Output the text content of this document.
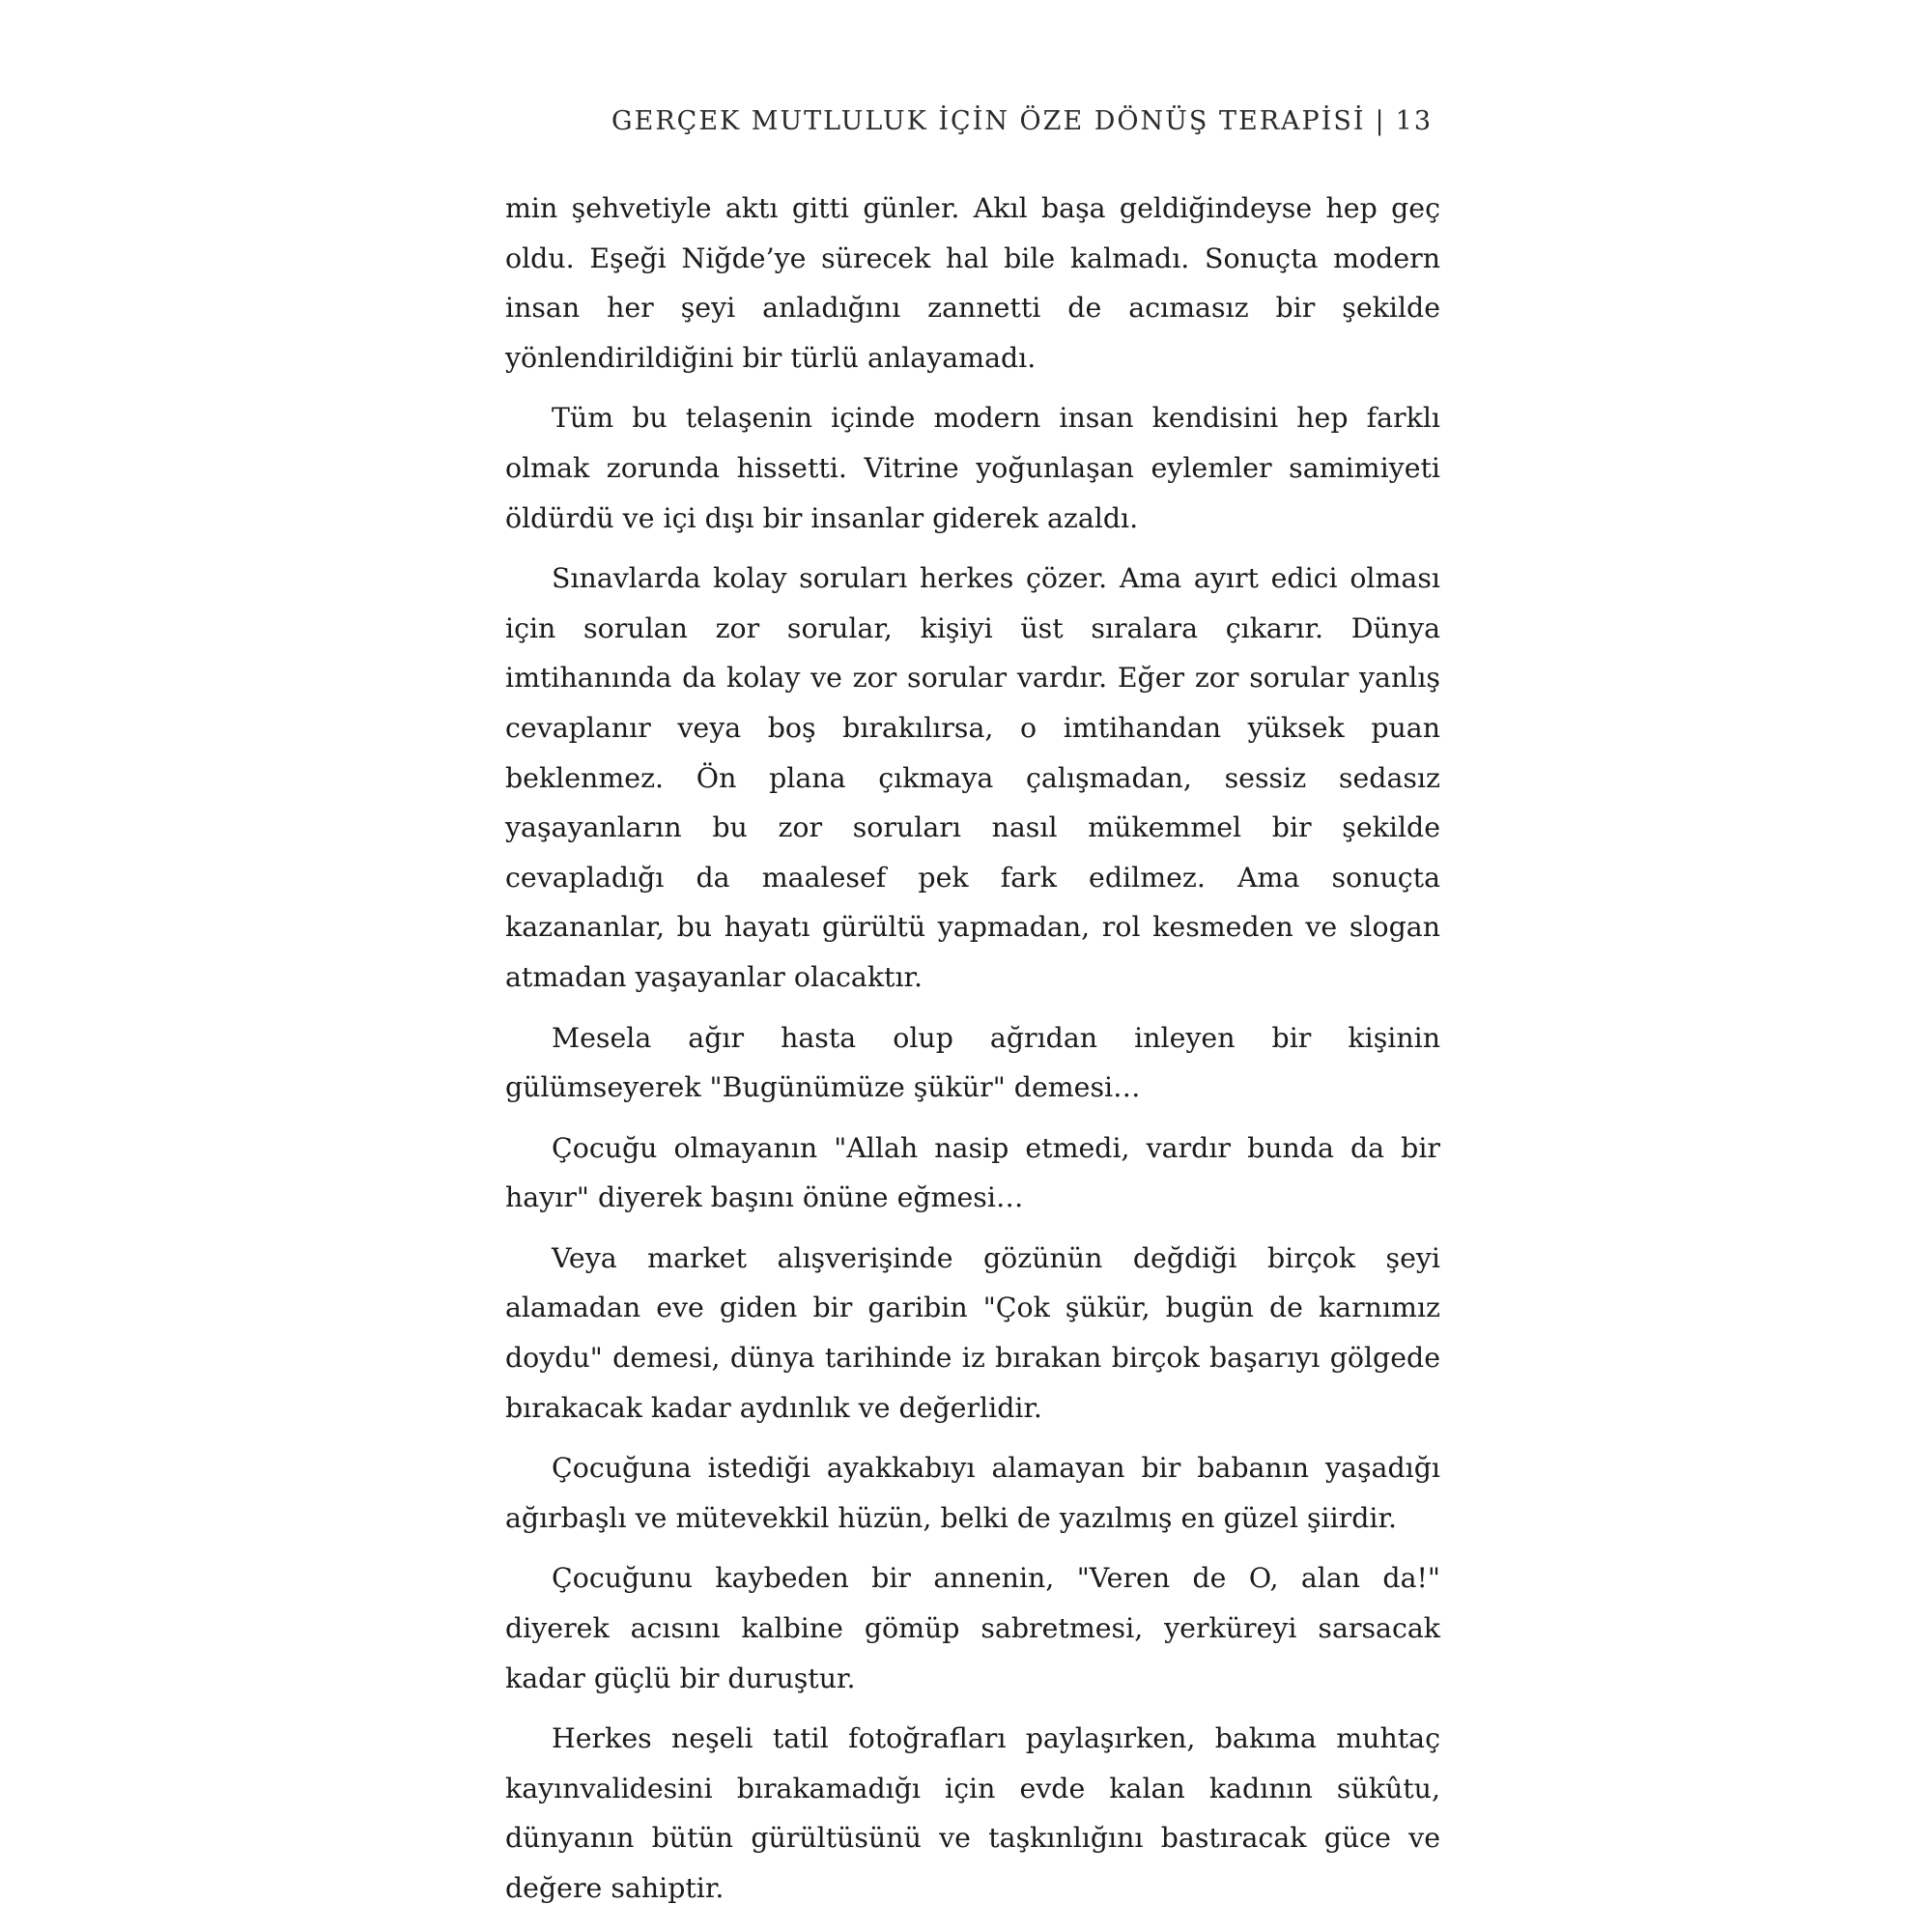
GERÇEK MUTLULUK İÇİN ÖZE DÖNÜŞ TERAPİSİ | 13

min şehvetiyle aktı gitti günler. Akıl başa geldiğindeyse hep geç oldu. Eşeği Niğde’ye sürecek hal bile kalmadı. Sonuçta modern insan her şeyi anladığını zannetti de acımasız bir şekilde yönlendirildiğini bir türlü anlayamadı.

Tüm bu telaşenin içinde modern insan kendisini hep farklı olmak zorunda hissetti. Vitrine yoğunlaşan eylemler samimiyeti öldürdü ve içi dışı bir insanlar giderek azaldı.

Sınavlarda kolay soruları herkes çözer. Ama ayırt edici olması için sorulan zor sorular, kişiyi üst sıralara çıkarır. Dünya imtihanında da kolay ve zor sorular vardır. Eğer zor sorular yanlış cevaplanır veya boş bırakılırsa, o imtihandan yüksek puan beklenmez. Ön plana çıkmaya çalışmadan, sessiz sedasız yaşayanların bu zor soruları nasıl mükemmel bir şekilde cevapladığı da maalesef pek fark edilmez. Ama sonuçta kazananlar, bu hayatı gürültü yapmadan, rol kesmeden ve slogan atmadan yaşayanlar olacaktır.

Mesela ağır hasta olup ağrıdan inleyen bir kişinin gülümseyerek "Bugünümüze şükür" demesi…

Çocuğu olmayanın "Allah nasip etmedi, vardır bunda da bir hayır" diyerek başını önüne eğmesi…

Veya market alışverişinde gözünün değdiği birçok şeyi alamadan eve giden bir garibin "Çok şükür, bugün de karnımız doydu" demesi, dünya tarihinde iz bırakan birçok başarıyı gölgede bırakacak kadar aydınlık ve değerlidir.

Çocuğuna istediği ayakkabıyı alamayan bir babanın yaşadığı ağırbaşlı ve mütevekkil hüzün, belki de yazılmış en güzel şiirdir.

Çocuğunu kaybeden bir annenin, "Veren de O, alan da!" diyerek acısını kalbine gömüp sabretmesi, yerküreyi sarsacak kadar güçlü bir duruştur.

Herkes neşeli tatil fotoğrafları paylaşırken, bakıma muhtaç kayınvalidesini bırakamadığı için evde kalan kadının sükûtu, dünyanın bütün gürültüsünü ve taşkınlığını bastıracak güce ve değere sahiptir.
